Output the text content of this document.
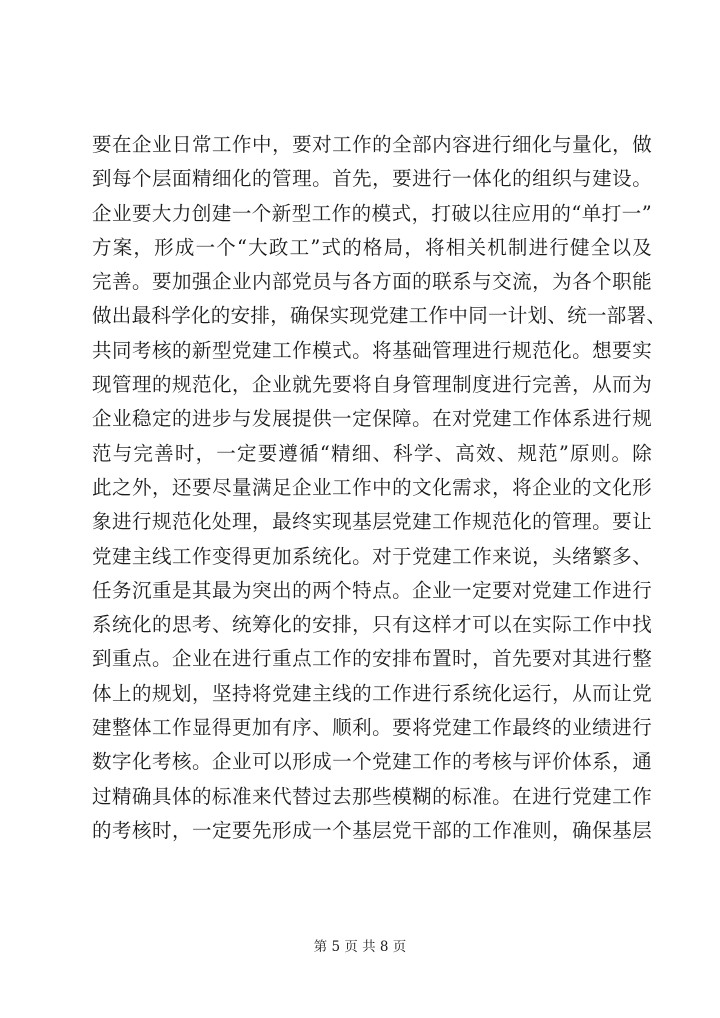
要在企业日常工作中，要对工作的全部内容进行细化与量化，做
到每个层面精细化的管理。首先，要进行一体化的组织与建设。
企业要大力创建一个新型工作的模式，打破以往应用的“单打一”
方案，形成一个“大政工”式的格局，将相关机制进行健全以及
完善。要加强企业内部党员与各方面的联系与交流，为各个职能
做出最科学化的安排，确保实现党建工作中同一计划、统一部署、
共同考核的新型党建工作模式。将基础管理进行规范化。想要实
现管理的规范化，企业就先要将自身管理制度进行完善，从而为
企业稳定的进步与发展提供一定保障。在对党建工作体系进行规
范与完善时，一定要遵循“精细、科学、高效、规范”原则。除
此之外，还要尽量满足企业工作中的文化需求，将企业的文化形
象进行规范化处理，最终实现基层党建工作规范化的管理。要让
党建主线工作变得更加系统化。对于党建工作来说，头绪繁多、
任务沉重是其最为突出的两个特点。企业一定要对党建工作进行
系统化的思考、统筹化的安排，只有这样才可以在实际工作中找
到重点。企业在进行重点工作的安排布置时，首先要对其进行整
体上的规划，坚持将党建主线的工作进行系统化运行，从而让党
建整体工作显得更加有序、顺利。要将党建工作最终的业绩进行
数字化考核。企业可以形成一个党建工作的考核与评价体系，通
过精确具体的标准来代替过去那些模糊的标准。在进行党建工作
的考核时，一定要先形成一个基层党干部的工作准则，确保基层
第 5 页 共 8 页
